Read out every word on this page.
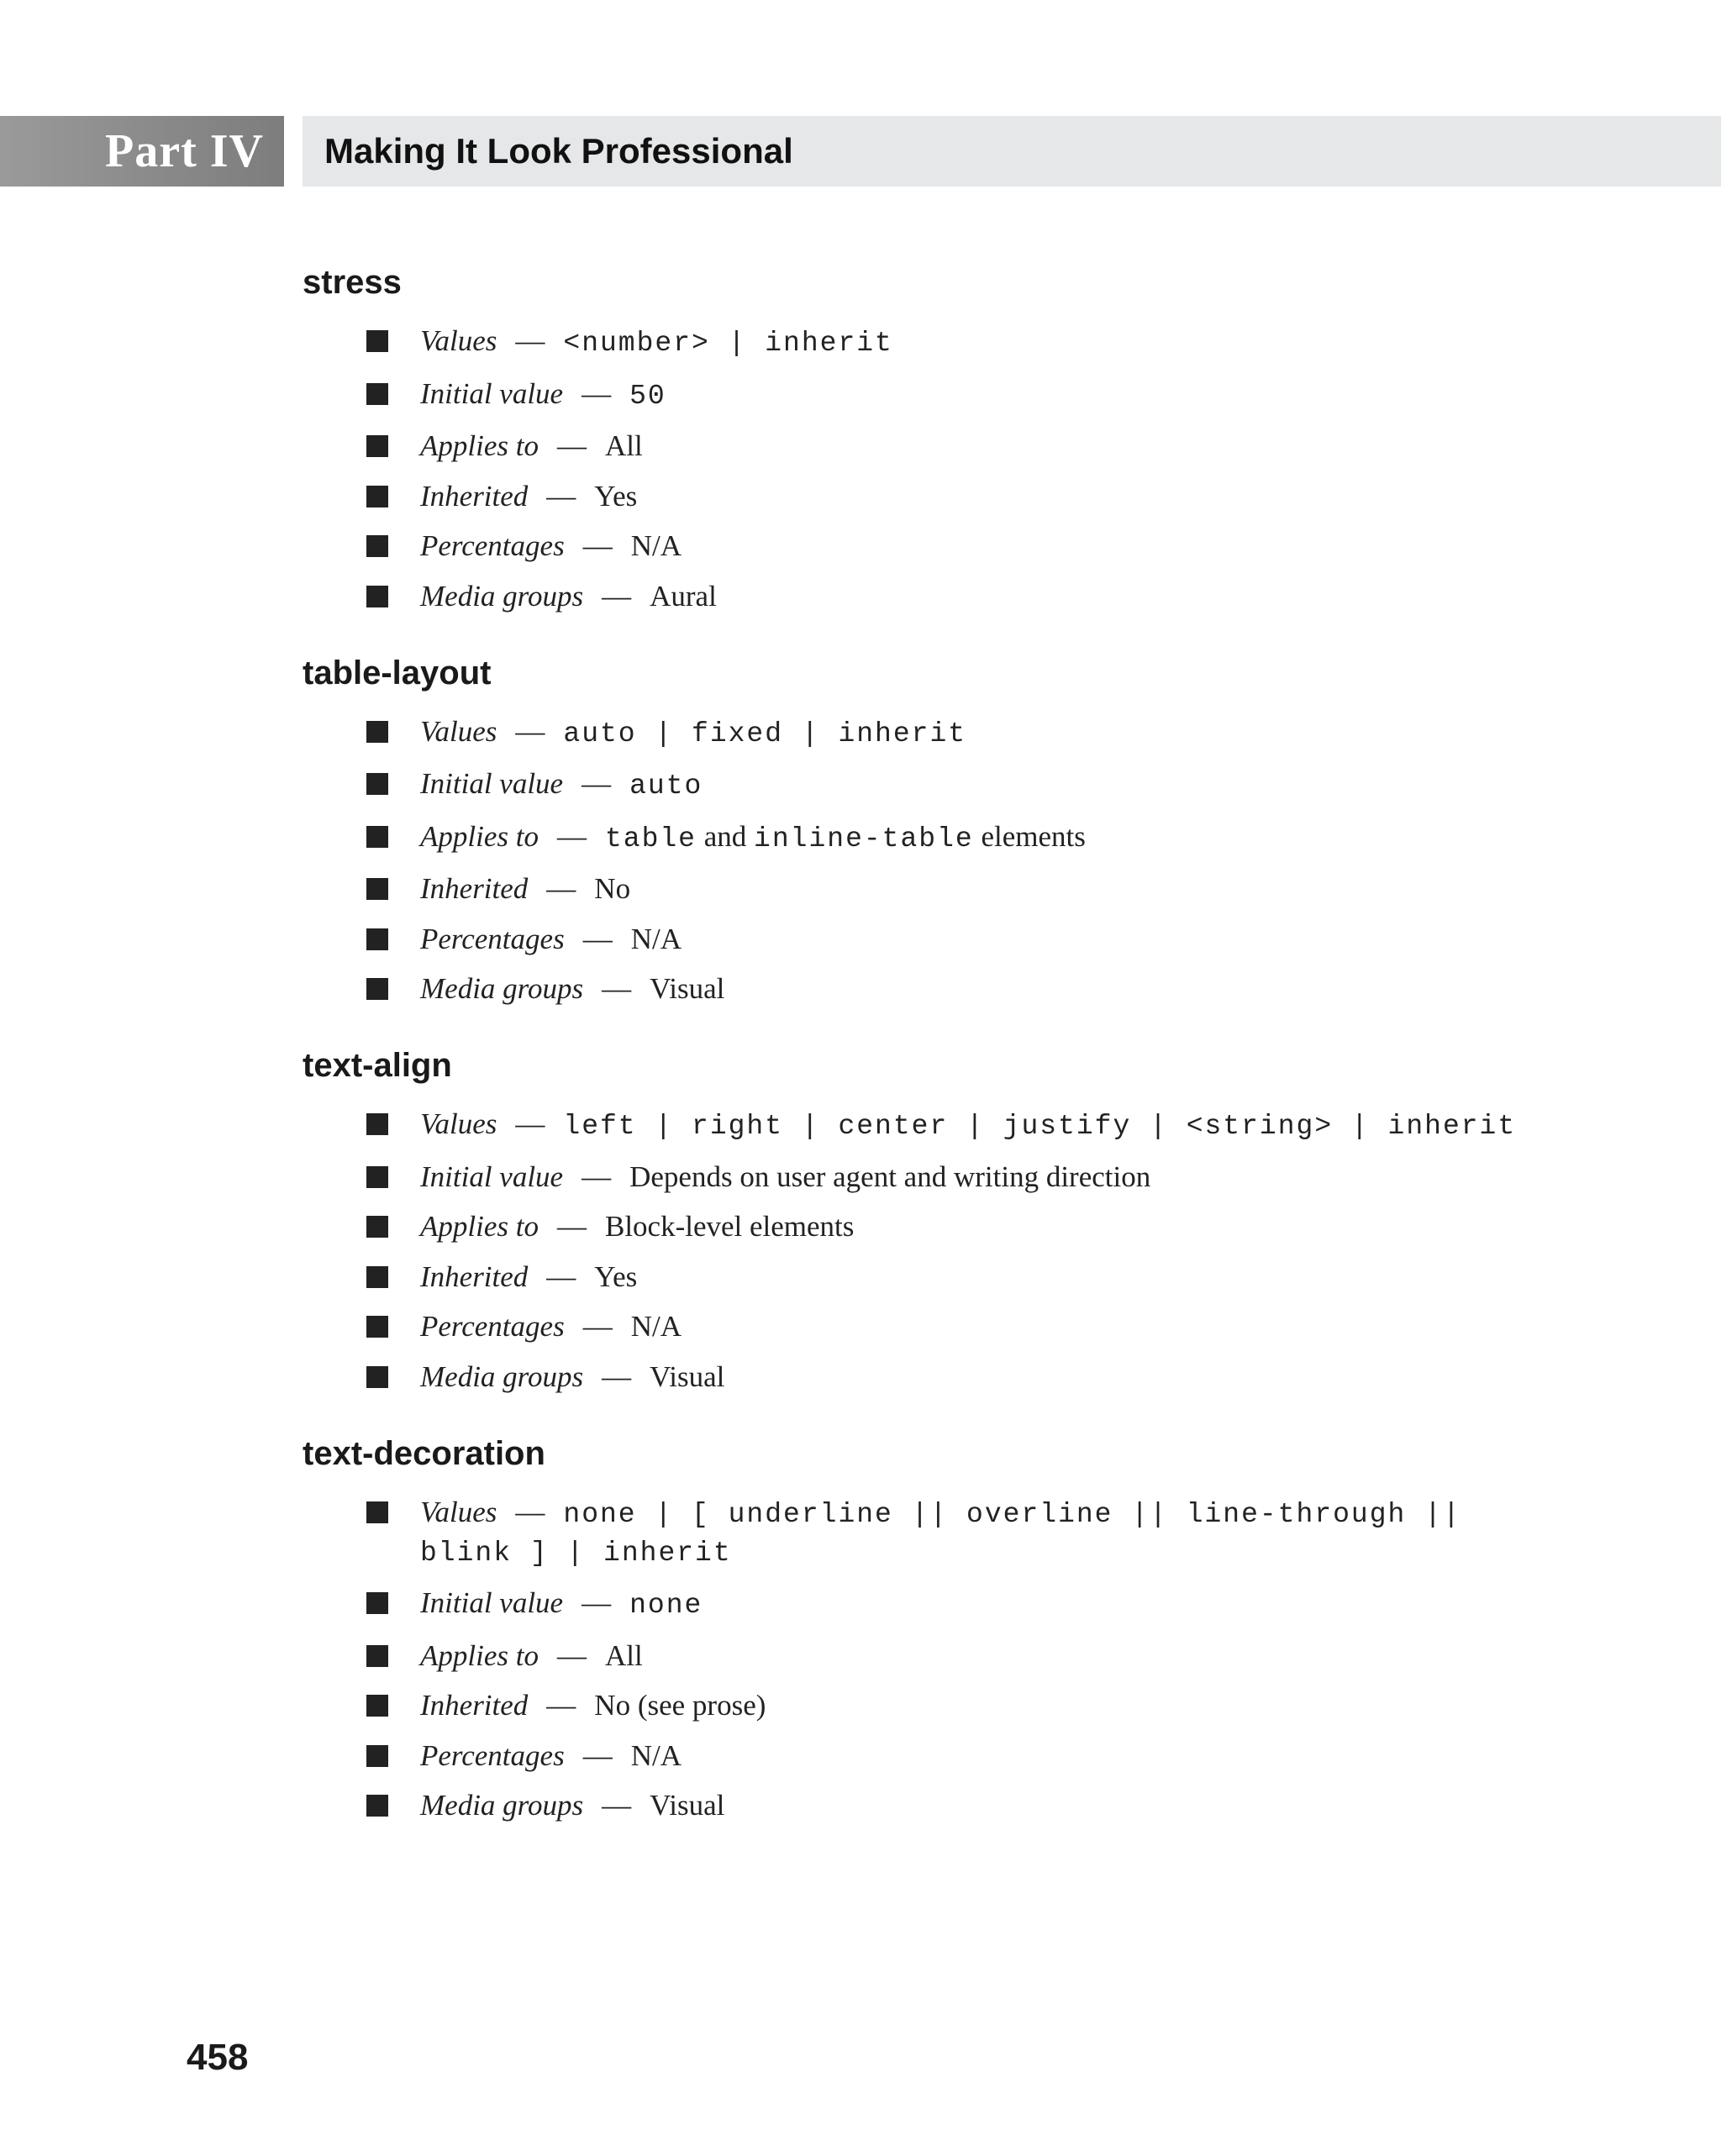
Part IV Making It Look Professional
stress
Values — <number> | inherit
Initial value — 50
Applies to — All
Inherited — Yes
Percentages — N/A
Media groups — Aural
table-layout
Values — auto | fixed | inherit
Initial value — auto
Applies to — table and inline-table elements
Inherited — No
Percentages — N/A
Media groups — Visual
text-align
Values — left | right | center | justify | <string> | inherit
Initial value — Depends on user agent and writing direction
Applies to — Block-level elements
Inherited — Yes
Percentages — N/A
Media groups — Visual
text-decoration
Values — none | [ underline || overline || line-through || blink ] | inherit
Initial value — none
Applies to — All
Inherited — No (see prose)
Percentages — N/A
Media groups — Visual
458
